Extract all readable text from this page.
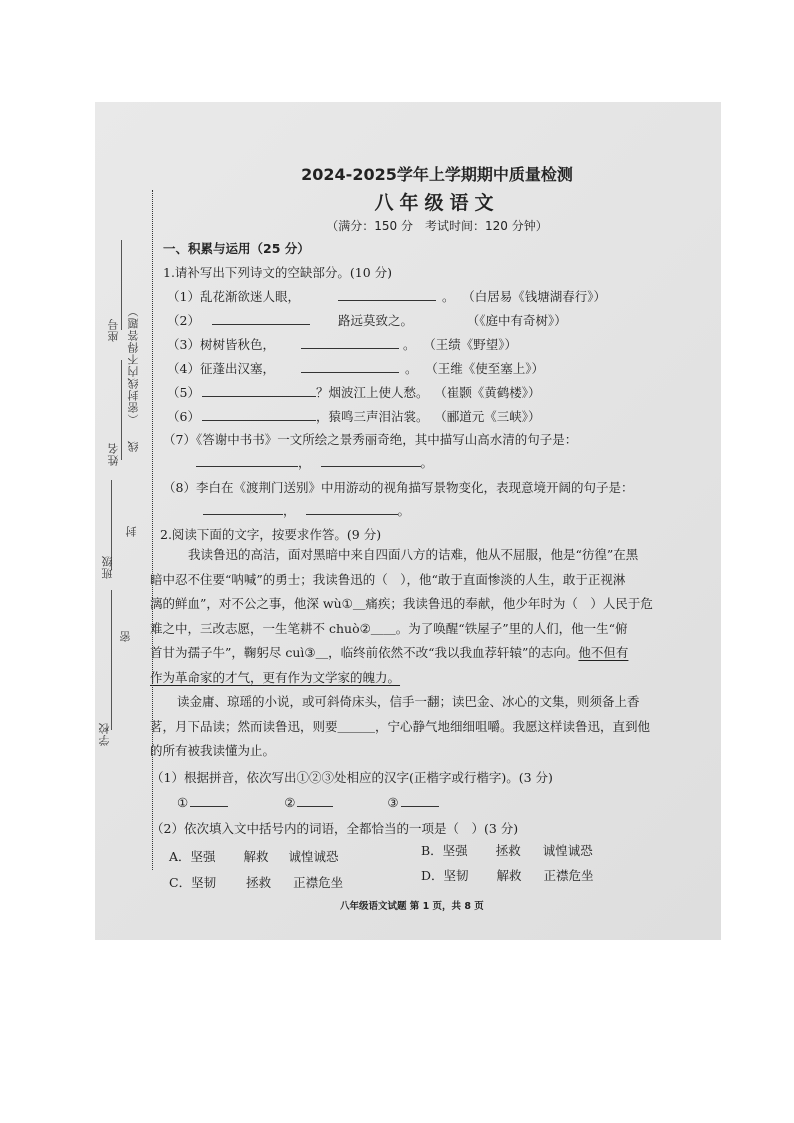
座号 （密封线内不得答题）
线
姓名
封
班级
密
学校
2024-2025学年上学期期中质量检测
八年级语文
（满分：150 分　考试时间：120 分钟）
一、积累与运用（25 分）
1.请补写出下列诗文的空缺部分。(10 分)
（1）乱花渐欲迷人眼，	。 （白居易《钱塘湖春行》）
（2）	路远莫致之。	（《庭中有奇树》）
（3）树树皆秋色，	。 （王绩《野望》）
（4）征蓬出汉塞，	。 （王维《使至塞上》）
（5）	？烟波江上使人愁。 （崔颢《黄鹤楼》）
（6）	，猿鸣三声泪沾裳。 （郦道元《三峡》）
（7）《答谢中书书》一文所绘之景秀丽奇绝，其中描写山高水清的句子是：
，	。
（8）李白在《渡荆门送别》中用游动的视角描写景物变化，表现意境开阔的句子是：
，	。
2.阅读下面的文字，按要求作答。(9 分)
　　我读鲁迅的高洁，面对黑暗中来自四面八方的诘难，他从不屈服，他是“彷徨”在黑
暗中忍不住要“呐喊”的勇士；我读鲁迅的（　），他“敢于直面惨淡的人生，敢于正视淋
漓的鲜血”，对不公之事，他深 wù①＿痛疾；我读鲁迅的奉献，他少年时为（　）人民于危
难之中，三改志愿，一生笔耕不 chuò②＿＿。为了唤醒“铁屋子”里的人们，他一生“俯
首甘为孺子牛”，鞠躬尽 cuì③＿，临终前依然不改“我以我血荐轩辕”的志向。他不但有
作为革命家的才气，更有作为文学家的魄力。
　　读金庸、琼瑶的小说，或可斜倚床头，信手一翻；读巴金、冰心的文集，则须备上香
茗，月下品读；然而读鲁迅，则要＿＿＿，宁心静气地细细咀嚼。我愿这样读鲁迅，直到他
的所有被我读懂为止。
（1）根据拼音，依次写出①②③处相应的汉字(正楷字或行楷字)。(3 分)
①	②	③
（2）依次填入文中括号内的词语，全都恰当的一项是（　）(3 分)
A．坚强 解救 诚惶诚恐	B．坚强 拯救 诚惶诚恐
C．坚韧 拯救 正襟危坐	D．坚韧 解救 正襟危坐
八年级语文试题 第 1 页，共 8 页
